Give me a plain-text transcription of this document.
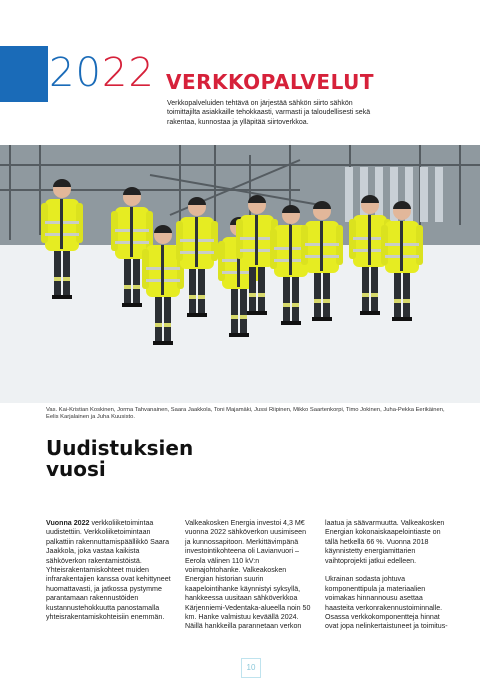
2022 VERKKOPALVELUT
Verkkopalveluiden tehtävä on järjestää sähkön siirto sähkön toimittajilta asiakkaille tehokkaasti, varmasti ja taloudellisesti sekä rakentaa, kunnostaa ja ylläpitää siirtoverkkoa.
Vas. Kai-Kristian Koskinen, Jorma Tahvanainen, Saara Jaakkola, Toni Majamäki, Jussi Riipinen, Mikko Saartenkorpi, Timo Jokinen, Juha-Pekka Eerikäinen, Eelis Karjalainen ja Juha Kuusisto.
Uudistuksien
vuosi

Vuonna 2022 verkkoliiketoimintaa uudistettiin. Verkkoliiketoimintaan palkattiin rakennuttamispäällikkö Saara Jaakkola, joka vastaa kaikista sähköverkon rakentamistöistä. Yhteisrakentamiskohteet muiden infrarakentajien kanssa ovat kehittyneet huomattavasti, ja jatkossa pystymme parantamaan rakennustöiden kustannustehokkuutta panostamalla yhteisrakentamiskohteisiin enemmän.

Valkeakosken Energia investoi 4,3 M€ vuonna 2022 sähköverkon uusimiseen ja kunnossapitoon. Merkittävimpänä investointikohteena oli Lavianvuori – Eerola välinen 110 kV:n voimajohtohanke. Valkeakosken Energian historian suurin kaapelointihanke käynnistyi syksyllä, hankkeessa uusitaan sähköverkkoa Kärjenniemi-Vedentaka-alueella noin 50 km. Hanke valmistuu keväällä 2024. Näillä hankkeilla parannetaan verkon

laatua ja säävarmuutta. Valkeakosken Energian kokonaiskaapelointiaste on tällä hetkellä 66 %. Vuonna 2018 käynnistetty energiamittarien vaihtoprojekti jatkui edelleen.

Ukrainan sodasta johtuva komponenttipula ja materiaalien voimakas hinnannousu asettaa haasteita verkonrakennustoiminnalle. Osassa verkkokomponentteja hinnat ovat jopa nelinkertaistuneet ja toimitus-

10
